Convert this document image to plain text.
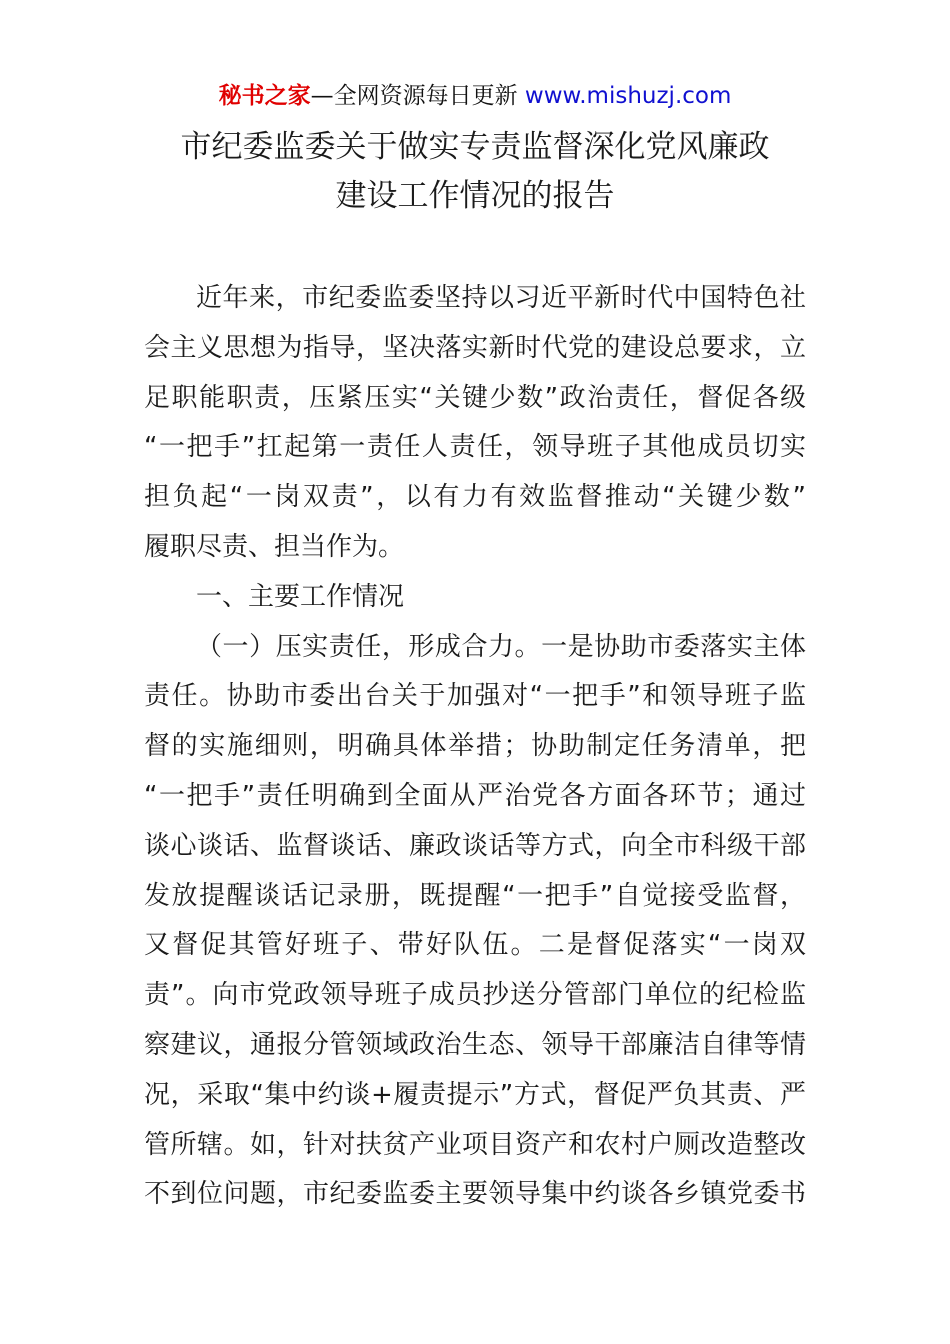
秘书之家—全网资源每日更新 www.mishuzj.com
市纪委监委关于做实专责监督深化党风廉政
建设工作情况的报告
近年来，市纪委监委坚持以习近平新时代中国特色社
会主义思想为指导，坚决落实新时代党的建设总要求，立
足职能职责，压紧压实“关键少数”政治责任，督促各级
“一把手”扛起第一责任人责任，领导班子其他成员切实
担负起“一岗双责”，以有力有效监督推动“关键少数”
履职尽责、担当作为。
一、主要工作情况
（一）压实责任，形成合力。一是协助市委落实主体
责任。协助市委出台关于加强对“一把手”和领导班子监
督的实施细则，明确具体举措；协助制定任务清单，把
“一把手”责任明确到全面从严治党各方面各环节；通过
谈心谈话、监督谈话、廉政谈话等方式，向全市科级干部
发放提醒谈话记录册，既提醒“一把手”自觉接受监督，
又督促其管好班子、带好队伍。二是督促落实“一岗双
责”。向市党政领导班子成员抄送分管部门单位的纪检监
察建议，通报分管领域政治生态、领导干部廉洁自律等情
况，采取“集中约谈+履责提示”方式，督促严负其责、严
管所辖。如，针对扶贫产业项目资产和农村户厕改造整改
不到位问题，市纪委监委主要领导集中约谈各乡镇党委书
